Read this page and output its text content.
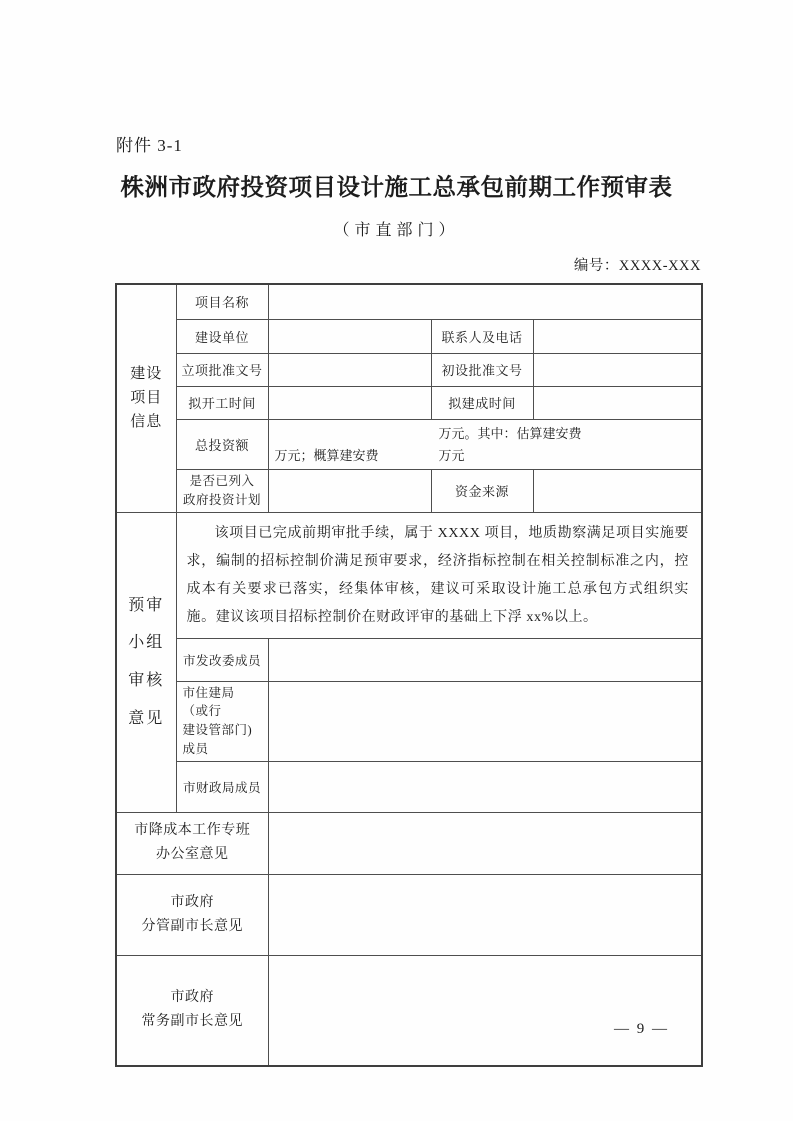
附件 3-1
株洲市政府投资项目设计施工总承包前期工作预审表
（市直部门）
编号：XXXX-XXX
建设
项目
信息	项目名称			
	建设单位		联系人及电话	
	立项批准文号		初设批准文号	
	拟开工时间		拟建成时间	
	总投资额	万元。其中：估算建安费
万元；概算建安费 万元		

	是否已列入
政府投资计划		资金来源	

预审
小组
审核
意见	该项目已完成前期审批手续，属于 XXXX 项目，地质勘察满足项目实施要求，编制的招标控制价满足预审要求，经济指标控制在相关控制标准之内，控成本有关要求已落实，经集体审核，建议可采取设计施工总承包方式组织实施。建议该项目招标控制价在财政评审的基础上下浮 xx%以上。			

	市发改委成员			

	市住建局 （或行
建设管部门)成员			

	市财政局成员			

市降成本工作专班
办公室意见				

市政府
分管副市长意见				

市政府
常务副市长意见				
		— 9 —
